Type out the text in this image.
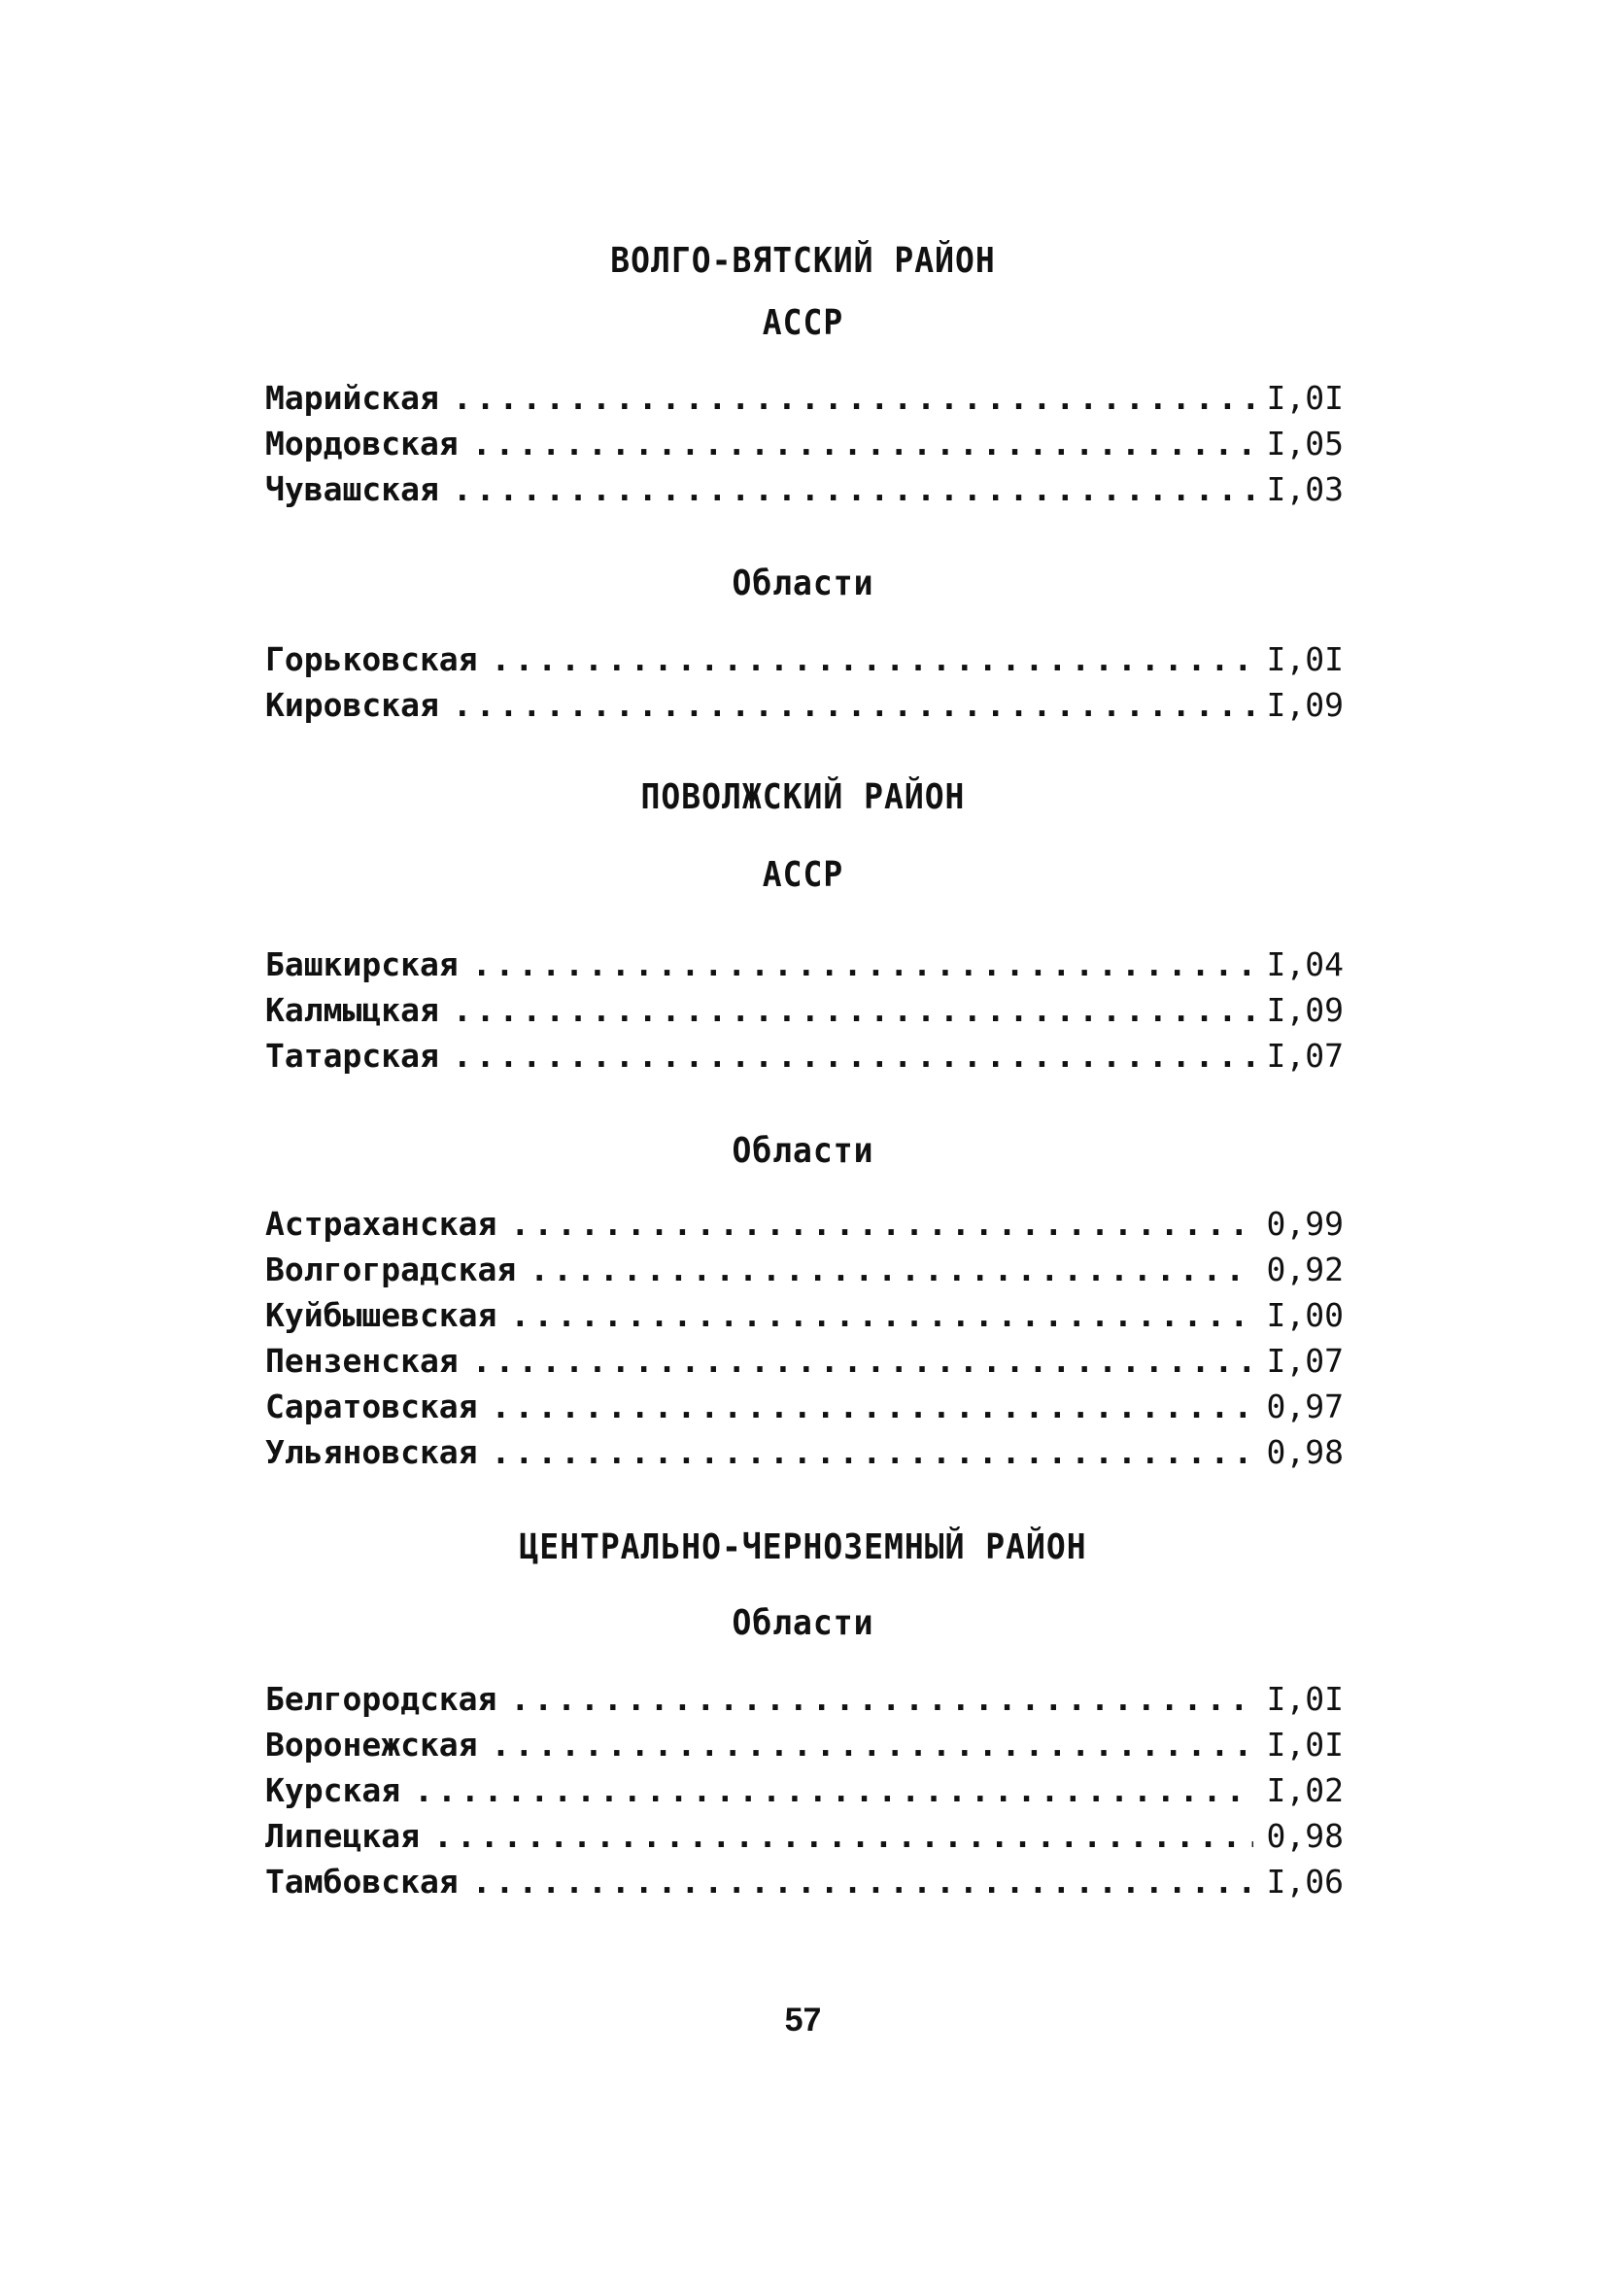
ВОЛГО-ВЯТСКИЙ РАЙОН
АССР
Марийская .....	I,0I
Мордовская .....	I,05
Чувашская .....	I,03
Области
Горьковская .....	I,0I
Кировская .....	I,09
ПОВОЛЖСКИЙ РАЙОН
АССР
Башкирская .....	I,04
Калмыцкая .....	I,09
Татарская .....	I,07
Области
Астраханская .....	0,99
Волгоградская .....	0,92
Куйбышевская .....	I,00
Пензенская .....	I,07
Саратовская .....	0,97
Ульяновская .....	0,98
ЦЕНТРАЛЬНО-ЧЕРНОЗЕМНЫЙ РАЙОН
Области
Белгородская .....	I,0I
Воронежская .....	I,0I
Курская .....	I,02
Липецкая .....	0,98
Тамбовская .....	I,06
57
